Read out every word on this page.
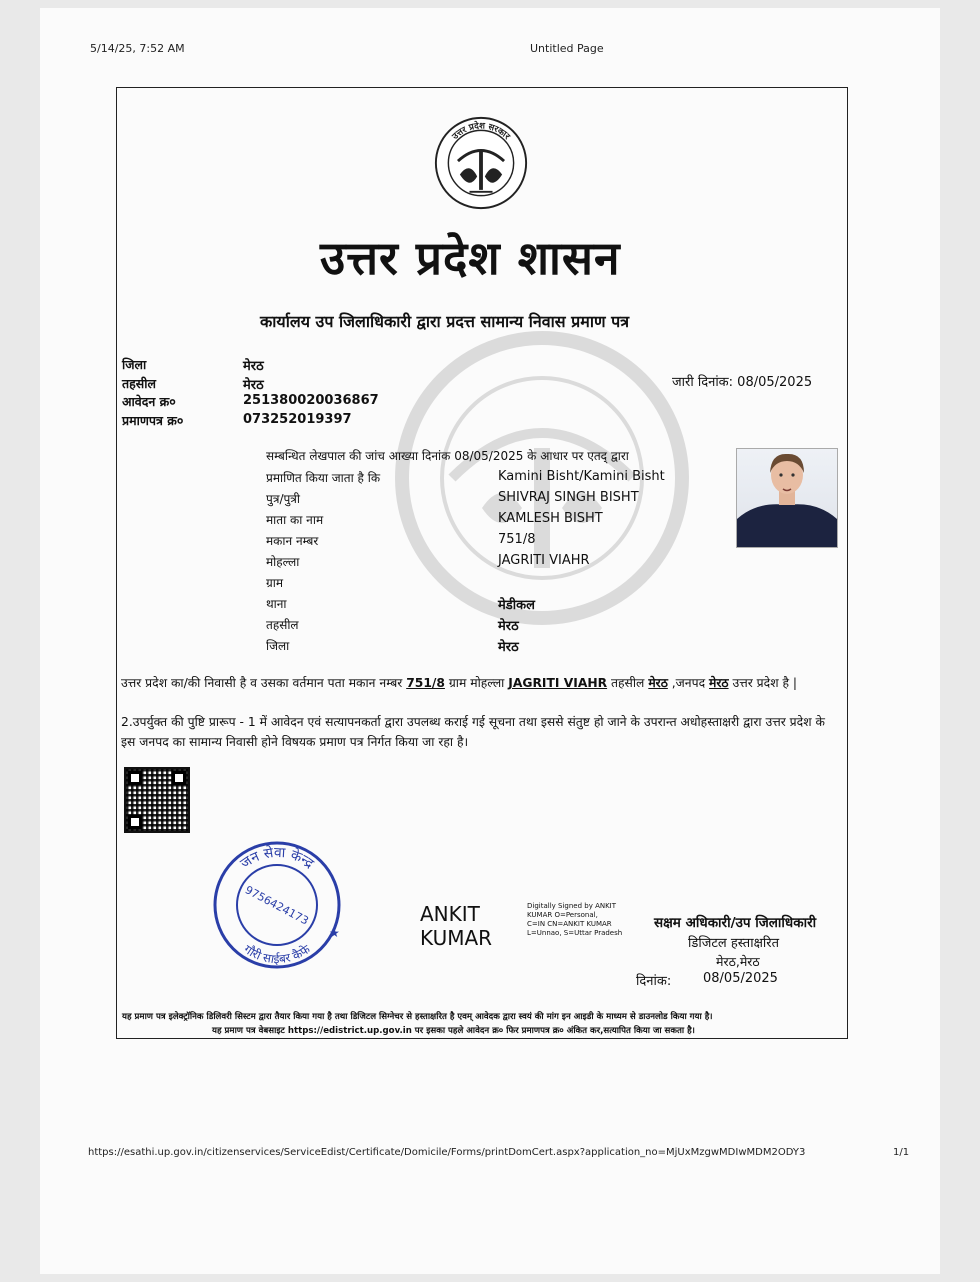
5/14/25, 7:52 AM	Untitled Page
https://esathi.up.gov.in/citizenservices/ServiceEdist/Certificate/Domicile/Forms/printDomCert.aspx?application_no=MjUxMzgwMDIwMDM2ODY3	1/1
उत्तर प्रदेश सरकार
उत्तर प्रदेश शासन
कार्यालय उप जिलाधिकारी द्वारा प्रदत्त सामान्य निवास प्रमाण पत्र
जिला	मेरठ
तहसील	मेरठ
आवेदन क्र०	251380020036867
प्रमाणपत्र क्र०	073252019397
जारी दिनांक: 08/05/2025
सम्बन्धित लेखपाल की जांच आख्या दिनांक 08/05/2025 के आधार पर एतद् द्वारा
प्रमाणित किया जाता है कि	Kamini Bisht/Kamini Bisht
पुत्र/पुत्री	SHIVRAJ SINGH BISHT
माता का नाम	KAMLESH BISHT
मकान नम्बर	751/8
मोहल्ला	JAGRITI VIAHR
ग्राम
थाना	मेडीकल
तहसील	मेरठ
जिला	मेरठ
उत्तर प्रदेश का/की निवासी है व उसका वर्तमान पता मकान नम्बर 751/8 ग्राम मोहल्ला JAGRITI VIAHR तहसील मेरठ ,जनपद मेरठ उत्तर प्रदेश है |
2.उपर्युक्त की पुष्टि प्रारूप - 1 में आवेदन एवं सत्यापनकर्ता द्वारा उपलब्ध कराई गई सूचना तथा इससे संतुष्ट हो जाने के उपरान्त अधोहस्ताक्षरी द्वारा उत्तर प्रदेश के इस जनपद का सामान्य निवासी होने विषयक प्रमाण पत्र निर्गत किया जा रहा है।
जन सेवा केन्द्र
गौरी साईबर कैफे
9756424173
★
ANKIT
KUMAR
Digitally Signed by ANKIT
KUMAR O=Personal,
C=IN CN=ANKIT KUMAR
L=Unnao, S=Uttar Pradesh
सक्षम अधिकारी/उप जिलाधिकारी
डिजिटल हस्ताक्षरित
मेरठ,मेरठ
दिनांक: 08/05/2025
यह प्रमाण पत्र इलेक्ट्रॉनिक डिलिवरी सिस्टम द्वारा तैयार किया गया है तथा डिजिटल सिग्नेचर से हस्ताक्षरित है एवम् आवेदक द्वारा स्वयं की मांग इन आइडी के माध्यम से डाउनलोड किया गया है।
यह प्रमाण पत्र वेबसाइट https://edistrict.up.gov.in पर इसका पहले आवेदन क्र० फिर प्रमाणपत्र क्र० अंकित कर,सत्यापित किया जा सकता है।
